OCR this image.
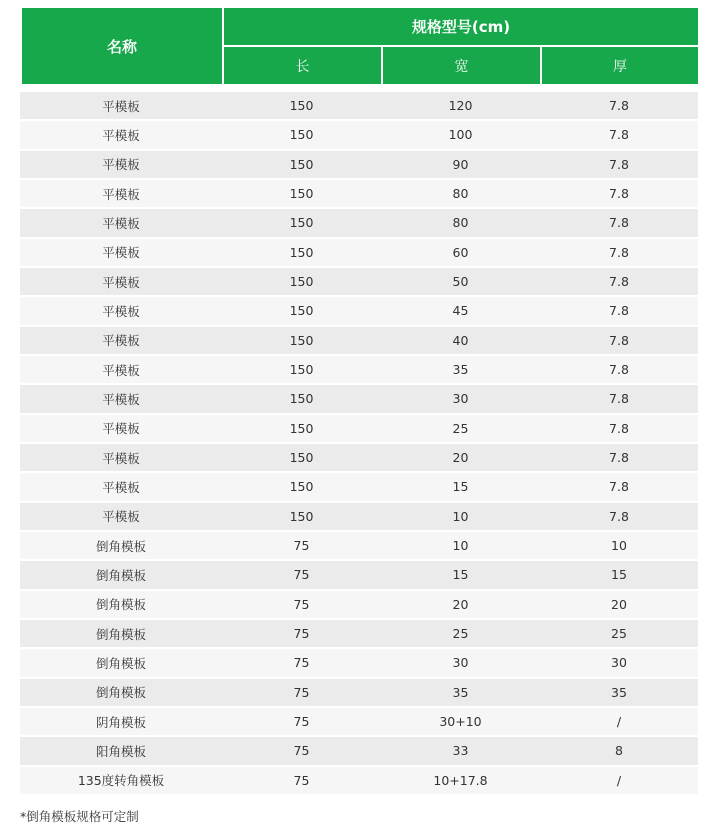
名称
规格型号(cm)
长	宽	厚
平模板	150	120	7.8
平模板	150	100	7.8
平模板	150	90	7.8
平模板	150	80	7.8
平模板	150	80	7.8
平模板	150	60	7.8
平模板	150	50	7.8
平模板	150	45	7.8
平模板	150	40	7.8
平模板	150	35	7.8
平模板	150	30	7.8
平模板	150	25	7.8
平模板	150	20	7.8
平模板	150	15	7.8
平模板	150	10	7.8
倒角模板	75	10	10
倒角模板	75	15	15
倒角模板	75	20	20
倒角模板	75	25	25
倒角模板	75	30	30
倒角模板	75	35	35
阴角模板	75	30+10	/
阳角模板	75	33	8
135度转角模板	75	10+17.8	/
*倒角模板规格可定制
